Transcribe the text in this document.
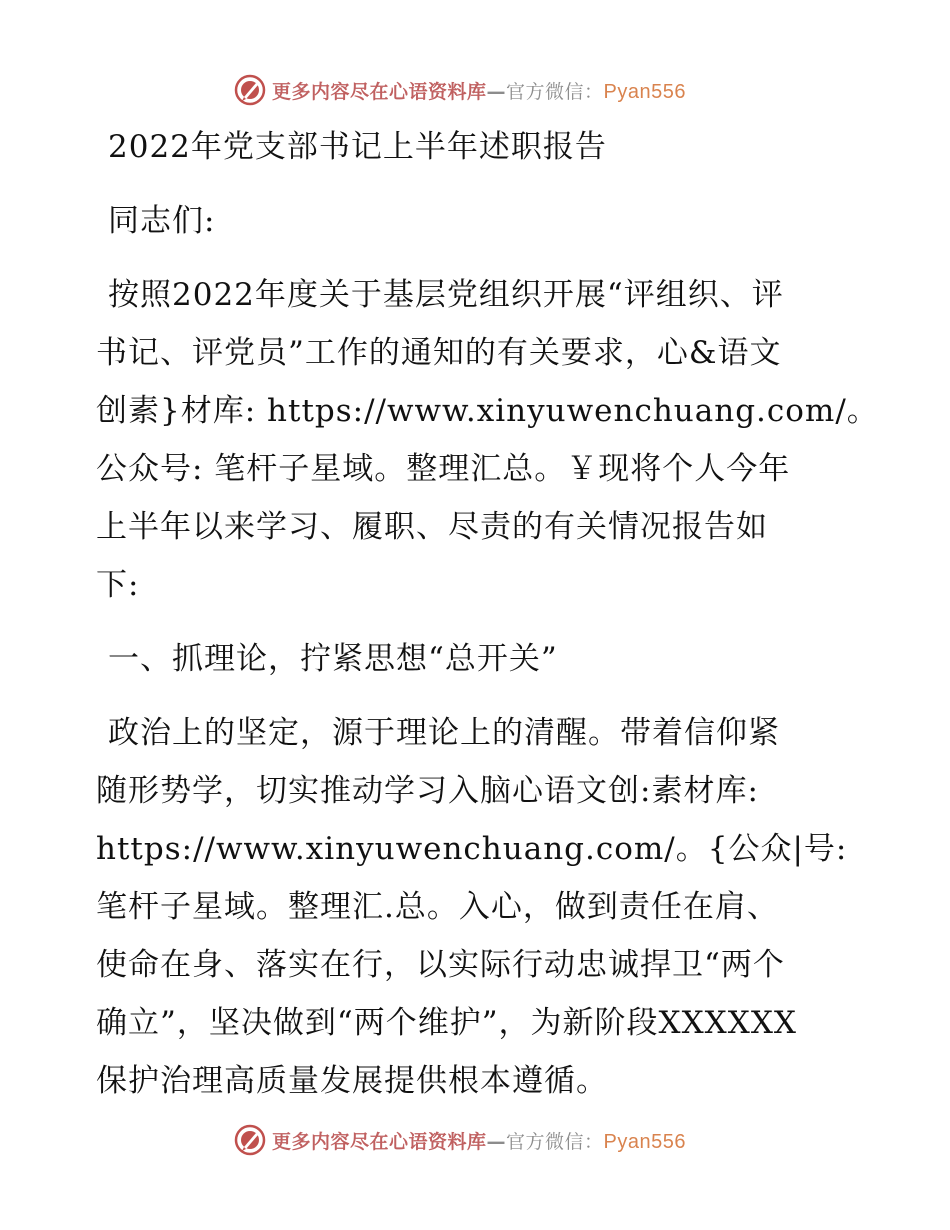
更多内容尽在心语资料库—官方微信：Pyan556
2022年党支部书记上半年述职报告
同志们:
按照2022年度关于基层党组织开展“评组织、评
书记、评党员”工作的通知的有关要求，心&语文
创素}材库: https://www.xinyuwenchuang.com/。
公众号: 笔杆子星域。整理汇总。￥现将个人今年
上半年以来学习、履职、尽责的有关情况报告如
下:
一、抓理论，拧紧思想“总开关”
政治上的坚定，源于理论上的清醒。带着信仰紧
随形势学，切实推动学习入脑心语文创:素材库:
https://www.xinyuwenchuang.com/。{公众|号:
笔杆子星域。整理汇.总。入心，做到责任在肩、
使命在身、落实在行，以实际行动忠诚捍卫“两个
确立”，坚决做到“两个维护”，为新阶段XXXXXX
保护治理高质量发展提供根本遵循。
更多内容尽在心语资料库—官方微信：Pyan556
